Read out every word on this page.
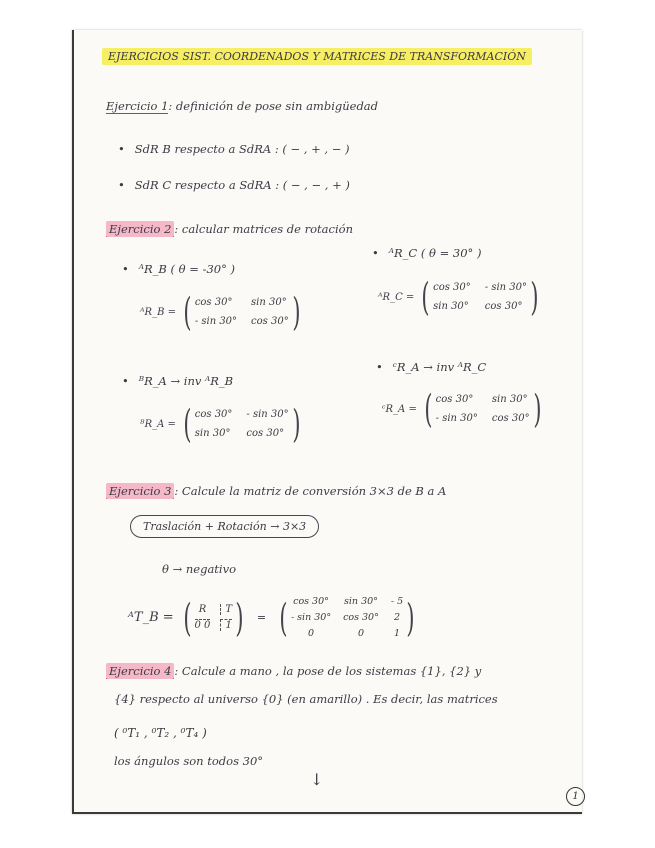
EJERCICIOS SIST. COORDENADOS Y MATRICES DE TRANSFORMACIÓN
Ejercicio 1: definición de pose sin ambigüedad
• SdR B respecto a SdRA : ( − , + , − )
• SdR C respecto a SdRA : ( − , − , + )
Ejercicio 2 : calcular matrices de rotación
• ᴬR_B ( θ = -30° )
ᴬR_B = ( cos 30°	sin 30°
- sin 30° cos 30° )
• ᴬR_C ( θ = 30° )
ᴬR_C = ( cos 30° - sin 30°
sin 30° cos 30° )
• ᴮR_A → inv ᴬR_B
ᴮR_A = ( cos 30° - sin 30°
sin 30° cos 30° )
• ᶜR_A → inv ᴬR_C
ᶜR_A = ( cos 30°	sin 30°
- sin 30° cos 30° )
Ejercicio 3 : Calcule la matriz de conversión 3×3 de B a A
Traslación + Rotación → 3×3
θ → negativo
ᴬT_B = ( R	T
0 0	1 ) = ( cos 30° sin 30° - 5
- sin 30° cos 30°	2
0	0	1 )
Ejercicio 4 : Calcule a mano , la pose de los sistemas {1}, {2} y
{4} respecto al universo {0} (en amarillo) . Es decir, las matrices
( ⁰T₁ , ⁰T₂ , ⁰T₄ )
los ángulos son todos 30°
↓
1
